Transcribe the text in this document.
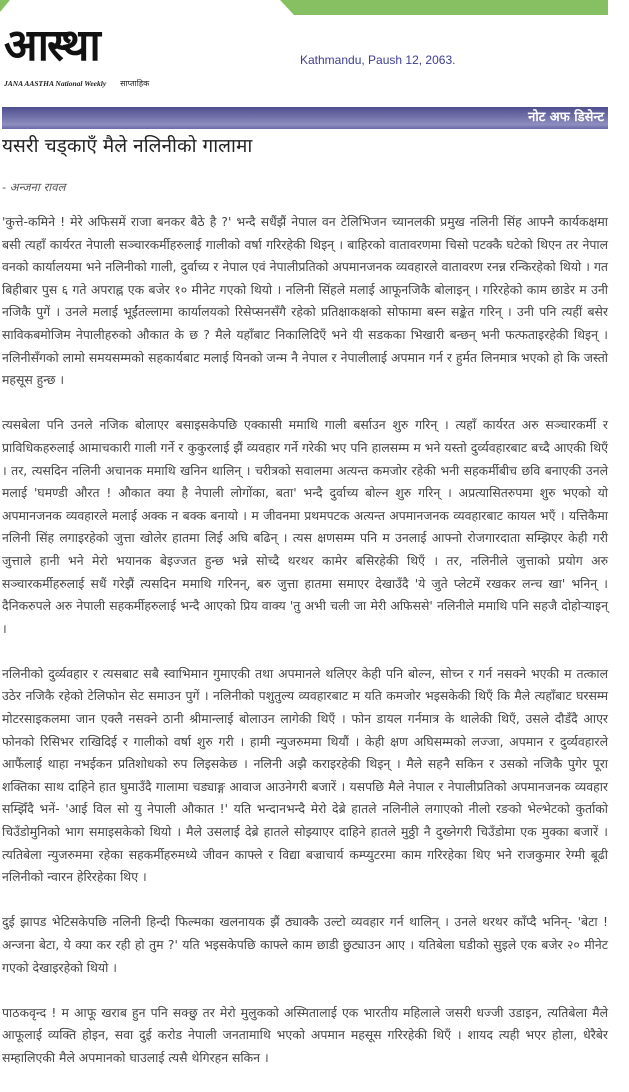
आस्था
JANA AASTHA National Weekly साप्ताहिक
Kathmandu, Paush 12, 2063.
नोट अफ डिसेन्ट
यसरी चड्काएँ मैले नलिनीको गालामा
- अन्जना रावल

'कुत्ते-कमिने ! मेरे अफिसमें राजा बनकर बैठे है ?' भन्दै सधैंझैं नेपाल वन टेलिभिजन च्यानलकी प्रमुख नलिनी सिंह आफ्नै कार्यकक्षमा बसी त्यहाँ कार्यरत नेपाली सञ्चारकर्मीहरुलाई गालीको वर्षा गरिरहेकी थिइन् । बाहिरको वातावरणमा चिसो पटक्कै घटेको थिएन तर नेपाल वनको कार्यालयमा भने नलिनीको गाली, दुर्वाच्य र नेपाल एवं नेपालीप्रतिको अपमानजनक व्यवहारले वातावरण रनन्न रन्किरहेको थियो । गत बिहीबार पुस ६ गते अपराह्न एक बजेर १० मीनेट गएको थियो । नलिनी सिंहले मलाई आफूनजिकै बोलाइन् । गरिरहेको काम छाडेर म उनी नजिकै पुगें । उनले मलाई भूईंतल्लामा कार्यालयको रिसेप्सनसँगै रहेको प्रतिक्षाकक्षको सोफामा बस्न सङ्केत गरिन् । उनी पनि त्यहीं बसेर साविकबमोजिम नेपालीहरुको औकात के छ ? मैले यहाँबाट निकालिदिएँ भने यी सडकका भिखारी बन्छन् भनी फत्फताइरहेकी थिइन् । नलिनीसँगको लामो समयसम्मको सहकार्यबाट मलाई यिनको जन्म नै नेपाल र नेपालीलाई अपमान गर्न र हुर्मत लिनमात्र भएको हो कि जस्तो महसूस हुन्छ ।

त्यसबेला पनि उनले नजिक बोलाएर बसाइसकेपछि एक्कासी ममाथि गाली बर्साउन शुरु गरिन् । त्यहाँ कार्यरत अरु सञ्चारकर्मी र प्राविधिकहरुलाई आमाचकारी गाली गर्ने र कुकुरलाई झैं व्यवहार गर्ने गरेकी भए पनि हालसम्म म भने यस्तो दुर्व्यवहारबाट बच्दै आएकी थिएँ । तर, त्यसदिन नलिनी अचानक ममाथि खनिन थालिन् । चरीत्रको सवालमा अत्यन्त कमजोर रहेकी भनी सहकर्मीबीच छवि बनाएकी उनले मलाई 'घमण्डी औरत ! औकात क्या है नेपाली लोगोंका, बता' भन्दै दुर्वाच्य बोल्न शुरु गरिन् । अप्रत्यासितरुपमा शुरु भएको यो अपमानजनक व्यवहारले मलाई अक्क न बक्क बनायो । म जीवनमा प्रथमपटक अत्यन्त अपमानजनक व्यवहारबाट कायल भएँ । यत्तिकैमा नलिनी सिंह लगाइरहेको जुत्ता खोलेर हातमा लिई अघि बढिन् । त्यस क्षणसम्म पनि म उनलाई आफ्नो रोजगारदाता सम्झिएर केही गरी जुत्ताले हानी भने मेरो भयानक बेइज्जत हुन्छ भन्ने सोच्दै थरथर कामेर बसिरहेकी थिएँ । तर, नलिनीले जुत्ताको प्रयोग अरु सञ्चारकर्मीहरुलाई सधैं गरेझैं त्यसदिन ममाथि गरिनन्, बरु जुत्ता हातमा समाएर देखाउँदै 'ये जुते प्लेटमें रखकर लन्च खा' भनिन् । दैनिकरुपले अरु नेपाली सहकर्मीहरुलाई भन्दै आएको प्रिय वाक्य 'तु अभी चली जा मेरी अफिससे' नलिनीले ममाथि पनि सहजै दोहोर्‍याइन् ।

नलिनीको दुर्व्यवहार र त्यसबाट सबै स्वाभिमान गुमाएकी तथा अपमानले थलिएर केही पनि बोल्न, सोच्न र गर्न नसक्ने भएकी म तत्काल उठेर नजिकै रहेको टेलिफोन सेट समाउन पुगें । नलिनीको पशुतुल्य व्यवहारबाट म यति कमजोर भइसकेकी थिएँ कि मैले त्यहाँबाट घरसम्म मोटरसाइकलमा जान एक्लै नसक्ने ठानी श्रीमान्लाई बोलाउन लागेकी थिएँ । फोन डायल गर्नमात्र के थालेकी थिएँ, उसले दौडँदै आएर फोनको रिसिभर राखिदिई र गालीको वर्षा शुरु गरी । हामी न्युजरुममा थियौं । केही क्षण अघिसम्मको लज्जा, अपमान र दुर्व्यवहारले आफैंलाई थाहा नभईकन प्रतिशोधको रुप लिइसकेछ । नलिनी अझै कराइरहेकी थिइन् । मैले सहनै सकिन र उसको नजिकै पुगेर पूरा शक्तिका साथ दाहिने हात घुमाउँदै गालामा चड्याङ्ग आवाज आउनेगरी बजारें । यसपछि मैले नेपाल र नेपालीप्रतिको अपमानजनक व्यवहार सम्झिँदै भनें- 'आई विल सो यु नेपाली औकात !' यति भन्दानभन्दै मेरो देब्रे हातले नलिनीले लगाएको नीलो रङको भेल्भेटको कुर्ताको चिउँडोमुनिको भाग समाइसकेको थियो । मैले उसलाई देब्रे हातले सोझ्याएर दाहिने हातले मुठ्ठी नै दुख्नेगरी चिउँडोमा एक मुक्का बजारें । त्यतिबेला न्युजरुममा रहेका सहकर्मीहरुमध्ये जीवन काफ्ले र विद्या बज्राचार्य कम्प्युटरमा काम गरिरहेका थिए भने राजकुमार रेग्मी बूढी नलिनीको न्वारन हेरिरहेका थिए ।

दुई झापड भेटिसकेपछि नलिनी हिन्दी फिल्मका खलनायक झैं ठ्याक्कै उल्टो व्यवहार गर्न थालिन् । उनले थरथर काँप्दै भनिन्- 'बेटा ! अन्जना बेटा, ये क्या कर रही हो तुम ?' यति भइसकेपछि काफ्ले काम छाडी छुट्याउन आए । यतिबेला घडीको सुइले एक बजेर २० मीनेट गएको देखाइरहेको थियो ।

पाठकवृन्द ! म आफू खराब हुन पनि सक्छु तर मेरो मुलुकको अस्मितालाई एक भारतीय महिलाले जसरी धज्जी उडाइन, त्यतिबेला मैले आफूलाई व्यक्ति होइन, सवा दुई करोड नेपाली जनतामाथि भएको अपमान महसूस गरिरहेकी थिएँ । शायद त्यही भएर होला, धेरैबेर सम्हालिएकी मैले अपमानको घाउलाई त्यसै थेगिरहन सकिन ।
